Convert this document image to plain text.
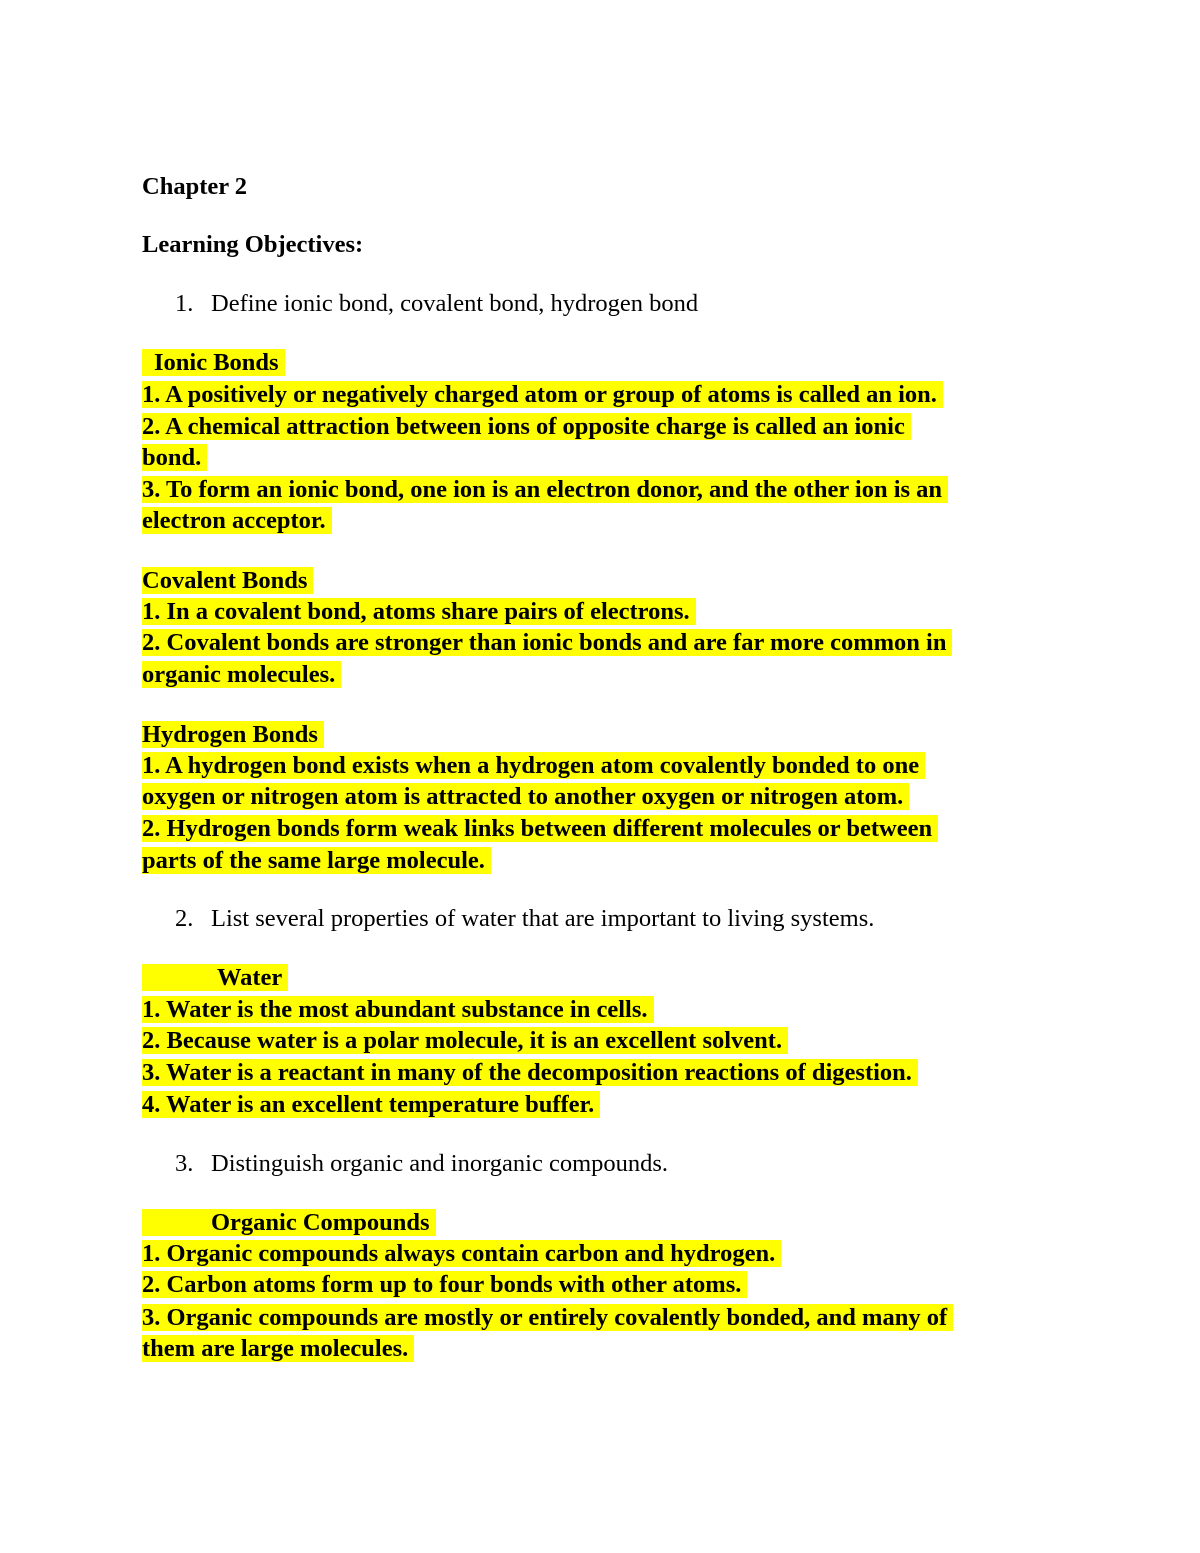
Chapter 2

Learning Objectives:

1. Define ionic bond, covalent bond, hydrogen bond

Ionic Bonds

1. A positively or negatively charged atom or group of atoms is called an ion.

2. A chemical attraction between ions of opposite charge is called an ionic

bond.

3. To form an ionic bond, one ion is an electron donor, and the other ion is an

electron acceptor.

Covalent Bonds

1. In a covalent bond, atoms share pairs of electrons.

2. Covalent bonds are stronger than ionic bonds and are far more common in

organic molecules.

Hydrogen Bonds

1. A hydrogen bond exists when a hydrogen atom covalently bonded to one

oxygen or nitrogen atom is attracted to another oxygen or nitrogen atom.

2. Hydrogen bonds form weak links between different molecules or between

parts of the same large molecule.

2. List several properties of water that are important to living systems.

Water

1. Water is the most abundant substance in cells.

2. Because water is a polar molecule, it is an excellent solvent.

3. Water is a reactant in many of the decomposition reactions of digestion.

4. Water is an excellent temperature buffer.

3. Distinguish organic and inorganic compounds.

Organic Compounds

1. Organic compounds always contain carbon and hydrogen.

2. Carbon atoms form up to four bonds with other atoms.

3. Organic compounds are mostly or entirely covalently bonded, and many of

them are large molecules.
